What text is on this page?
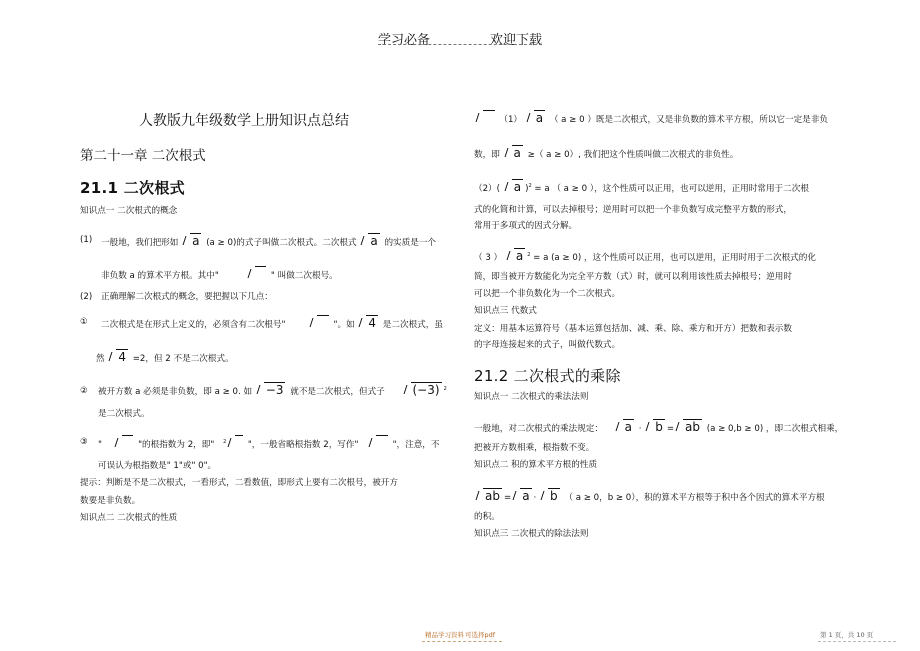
学习必备	欢迎下载
人教版九年级数学上册知识点总结
第二十一章 二次根式
21.1 二次根式
知识点一 二次根式的概念
(1) 一般地，我们把形如 a (a ≥ 0)的式子叫做二次根式。二次根式 a 的实质是一个
非负数 a 的算术平方根。其中"	" 叫做二次根号。
(2) 正确理解二次根式的概念，要把握以下几点：
① 二次根式是在形式上定义的，必须含有二次根号"	"。如 4 是二次根式，虽
然 4 =2，但 2 不是二次根式。
② 被开方数 a 必须是非负数，即 a ≥ 0. 如 −3 就不是二次根式，但式子 (−3) $^2$
是二次根式。
③ "	"的根指数为 2，即" $^2$	"，一般省略根指数 2，写作"	"，注意，不
可误认为根指数是" 1"或" 0"。
提示：判断是不是二次根式，一看形式，二看数值，即形式上要有二次根号，被开方
数要是非负数。
知识点二 二次根式的性质
（1） a （ a ≥ 0 ）既是二次根式，又是非负数的算术平方根，所以它一定是非负
数，即 a ≥（ a ≥ 0）, 我们把这个性质叫做二次根式的非负性。
（2）( a )$^2$ = a （ a ≥ 0 ），这个性质可以正用，也可以逆用，正用时常用于二次根
式的化简和计算，可以去掉根号；逆用时可以把一个非负数写成完整平方数的形式，
常用于多项式的因式分解。
（ 3 ） a $^2$ = a (a ≥ 0) ，这个性质可以正用，也可以逆用，正用时用于二次根式的化
简，即当被开方数能化为完全平方数（式）时，就可以利用该性质去掉根号；逆用时
可以把一个非负数化为一个二次根式。
知识点三 代数式
定义：用基本运算符号（基本运算包括加、减、乘、除、乘方和开方）把数和表示数
的字母连接起来的式子，叫做代数式。
21.2 二次根式的乘除
知识点一 二次根式的乘法法则
一般地，对二次根式的乘法规定： a · b = ab (a ≥ 0,b ≥ 0) ，即二次根式相乘，
把被开方数相乘，根指数不变。
知识点二 积的算术平方根的性质
ab = a · b （ a ≥ 0，b ≥ 0），积的算术平方根等于积中各个因式的算术平方根
的积。
知识点三 二次根式的除法法则
精品学习资料 可选择pdf	第 1 页，共 10 页
